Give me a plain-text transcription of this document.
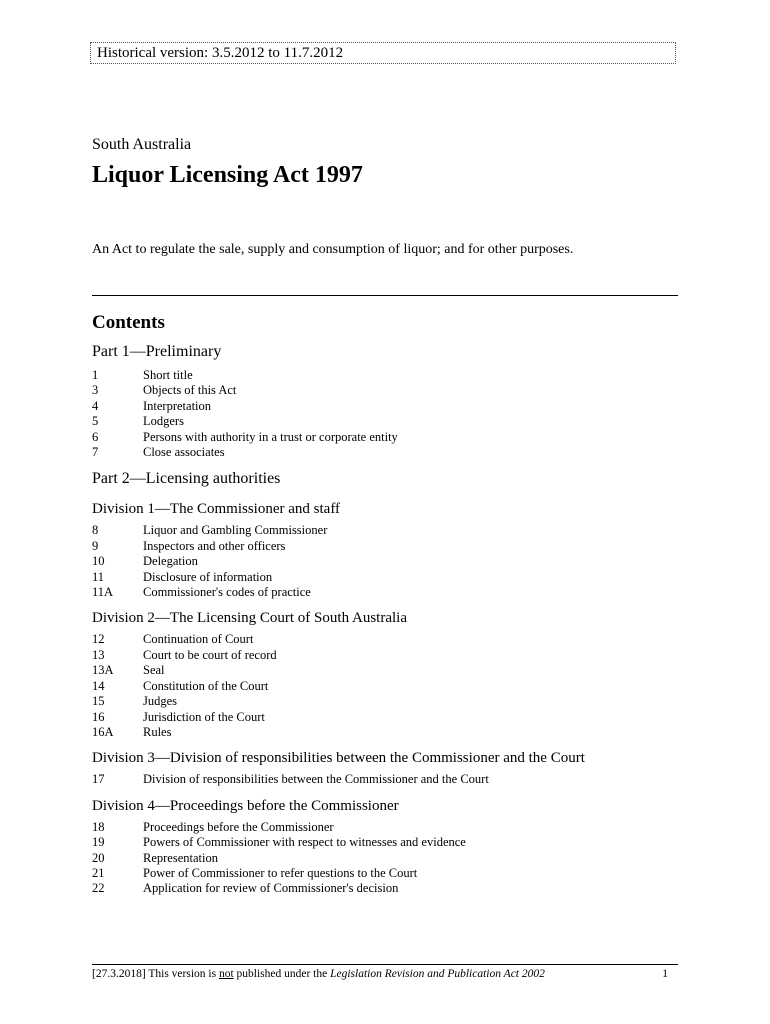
Historical version: 3.5.2012 to 11.7.2012
South Australia
Liquor Licensing Act 1997
An Act to regulate the sale, supply and consumption of liquor; and for other purposes.
Contents
Part 1—Preliminary
1	Short title
3	Objects of this Act
4	Interpretation
5	Lodgers
6	Persons with authority in a trust or corporate entity
7	Close associates
Part 2—Licensing authorities
Division 1—The Commissioner and staff
8	Liquor and Gambling Commissioner
9	Inspectors and other officers
10	Delegation
11	Disclosure of information
11A	Commissioner's codes of practice
Division 2—The Licensing Court of South Australia
12	Continuation of Court
13	Court to be court of record
13A	Seal
14	Constitution of the Court
15	Judges
16	Jurisdiction of the Court
16A	Rules
Division 3—Division of responsibilities between the Commissioner and the Court
17	Division of responsibilities between the Commissioner and the Court
Division 4—Proceedings before the Commissioner
18	Proceedings before the Commissioner
19	Powers of Commissioner with respect to witnesses and evidence
20	Representation
21	Power of Commissioner to refer questions to the Court
22	Application for review of Commissioner's decision
[27.3.2018] This version is not published under the Legislation Revision and Publication Act 2002	1
